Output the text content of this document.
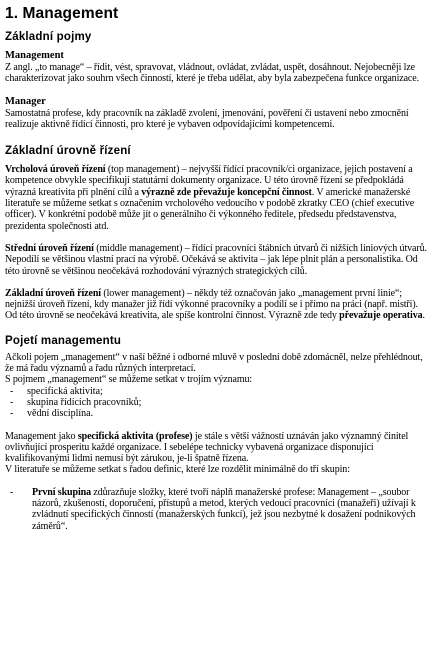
1. Management
Základní pojmy
Management

Z angl. „to manage“ – řídit, vést, spravovat, vládnout, ovládat, zvládat, uspět, dosáhnout. Nejobecněji lze charakterizovat jako souhrn všech činností, které je třeba udělat, aby byla zabezpečena funkce organizace.

Manager

Samostatná profese, kdy pracovník na základě zvolení, jmenování, pověření či ustavení nebo zmocnění realizuje aktivně řídící činnosti, pro které je vybaven odpovídajícími kompetencemi.

Základní úrovně řízení

Vrcholová úroveň řízení (top management) – nejvyšší řídící pracovník/ci organizace, jejich postavení a kompetence obvykle specifikují statutární dokumenty organizace. U této úrovně řízení se předpokládá výrazná kreativita při plnění cílů a výrazně zde převažuje koncepční činnost. V americké manažerské literatuře se můžeme setkat s označením vrcholového vedoucího v podobě zkratky CEO (chief executive officer). V konkrétní podobě může jít o generálního či výkonného ředitele, předsedu představenstva, prezidenta společnosti atd.

Střední úroveň řízení (middle management) – řídící pracovníci štábních útvarů či nižších liniových útvarů. Nepodílí se většinou vlastní prací na výrobě. Očekává se aktivita – jak lépe plnit plán a personalistika. Od této úrovně se většinou neočekává rozhodování výrazných strategických cílů.

Základní úroveň řízení (lower management) – někdy též označován jako „management první linie“; nejnižší úroveň řízení, kdy manažer již řídí výkonné pracovníky a podílí se i přímo na práci (např. mistři). Od této úrovně se neočekává kreativita, ale spíše kontrolní činnost. Výrazně zde tedy převažuje operativa.

Pojetí managementu

Ačkoli pojem „management“ v naší běžné i odborné mluvě v poslední době zdomácněl, nelze přehlédnout, že má řadu významů a řadu různých interpretací.

S pojmem „management“ se můžeme setkat v trojím významu:

- specifická aktivita;
- skupina řídících pracovníků;
- vědní disciplína.

Management jako specifická aktivita (profese) je stále s větší vážností uznáván jako významný činitel ovlivňující prosperitu každé organizace. I sebelépe technicky vybavená organizace disponující kvalifikovanými lidmi nemusí být zárukou, je-li špatně řízena.

V literatuře se můžeme setkat s řadou definic, které lze rozdělit minimálně do tří skupin:

- První skupina zdůrazňuje složky, které tvoří náplň manažerské profese: Management – „soubor názorů, zkušeností, doporučení, přístupů a metod, kterých vedoucí pracovníci (manažeři) užívají k zvládnutí specifických činností (manažerských funkcí), jež jsou nezbytné k dosažení podnikových záměrů“.
